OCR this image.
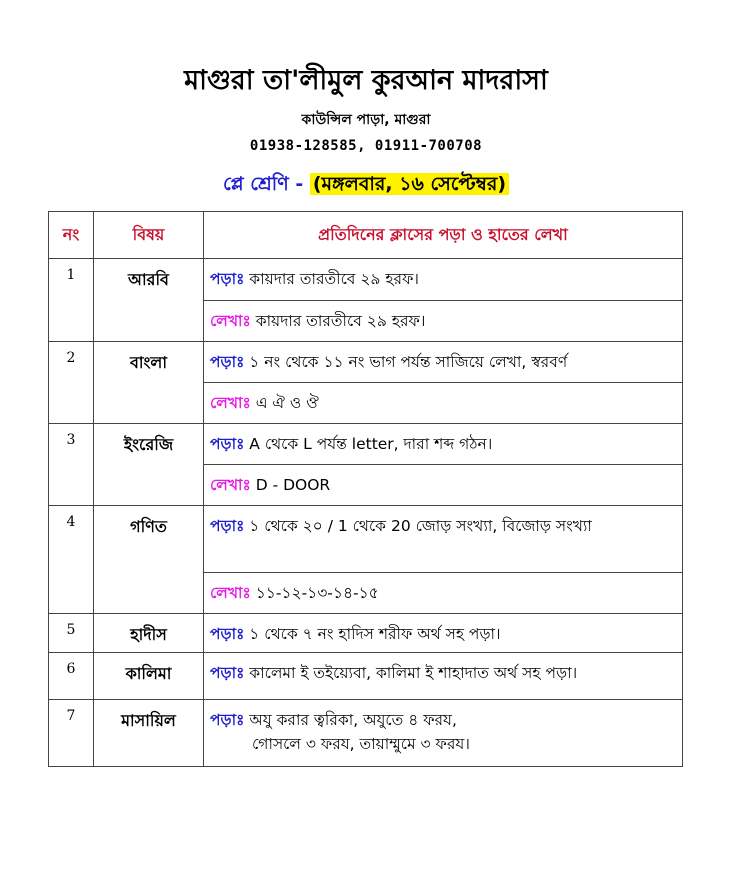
মাগুরা তা'লীমুল কুরআন মাদরাসা
কাউন্সিল পাড়া, মাগুরা
01938-128585, 01911-700708
প্লে শ্রেণি - (মঙ্গলবার, ১৬ সেপ্টেম্বর)
নং	বিষয়	প্রতিদিনের ক্লাসের পড়া ও হাতের লেখা
1	আরবি	পড়াঃ কায়দার তারতীবে ২৯ হরফ।
		লেখাঃ কায়দার তারতীবে ২৯ হরফ।
2	বাংলা	পড়াঃ ১ নং থেকে ১১ নং ভাগ পর্যন্ত সাজিয়ে লেখা, স্বরবর্ণ
		লেখাঃ এ ঐ ও ঔ
3	ইংরেজি	পড়াঃ A থেকে L পর্যন্ত letter, দারা শব্দ গঠন।
		লেখাঃ D - DOOR
4	গণিত	পড়াঃ ১ থেকে ২০ / 1 থেকে 20 জোড় সংখ্যা, বিজোড় সংখ্যা
		লেখাঃ ১১-১২-১৩-১৪-১৫
5	হাদীস	পড়াঃ ১ থেকে ৭ নং হাদিস শরীফ অর্থ সহ পড়া।
6	কালিমা	পড়াঃ কালেমা ই তইয়্যেবা, কালিমা ই শাহাদাত অর্থ সহ পড়া।
7	মাসায়িল	পড়াঃ অযু করার ত্বরিকা, অযুতে ৪ ফরয,
গোসলে ৩ ফরয, তায়াম্মুমে ৩ ফরয।
